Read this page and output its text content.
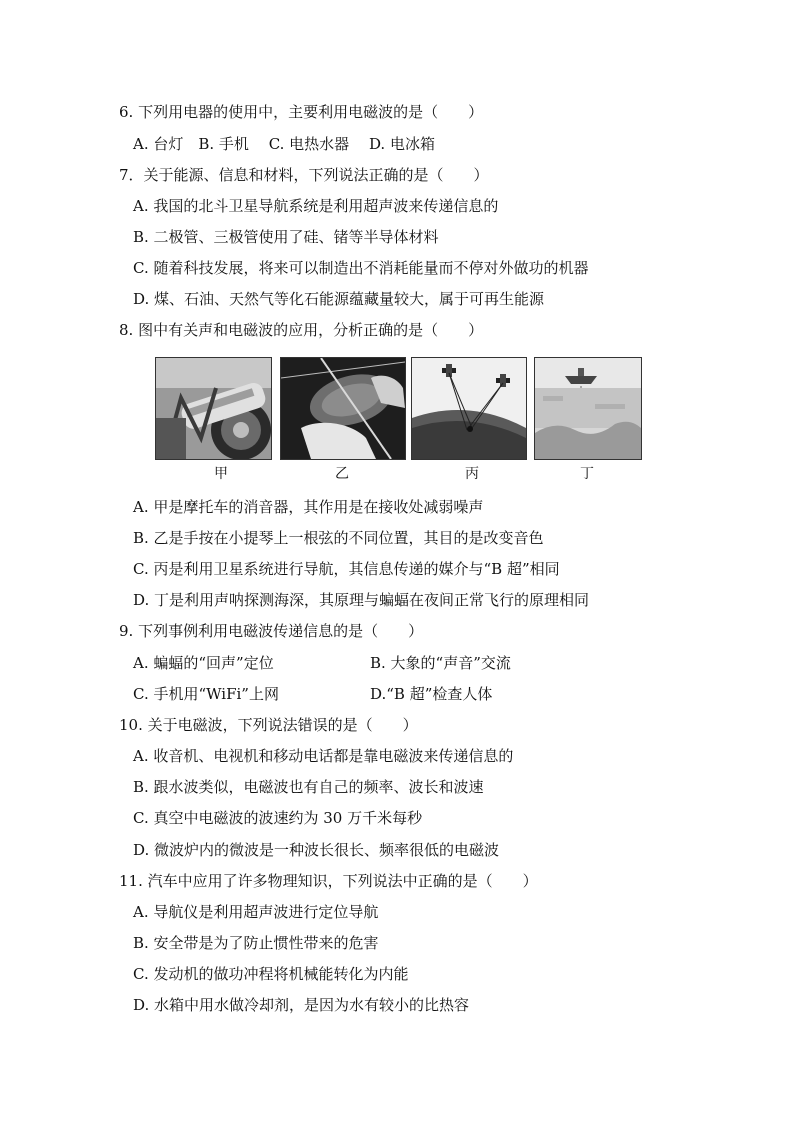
6. 下列用电器的使用中，主要利用电磁波的是（　　）
A. 台灯　B. 手机　 C. 电热水器　 D. 电冰箱
7．关于能源、信息和材料，下列说法正确的是（　　）
A. 我国的北斗卫星导航系统是利用超声波来传递信息的
B. 二极管、三极管使用了硅、锗等半导体材料
C. 随着科技发展，将来可以制造出不消耗能量而不停对外做功的机器
D. 煤、石油、天然气等化石能源蕴藏量较大，属于可再生能源
8. 图中有关声和电磁波的应用，分析正确的是（　　）
甲	乙	丙	丁
A. 甲是摩托车的消音器，其作用是在接收处减弱噪声
B. 乙是手按在小提琴上一根弦的不同位置，其目的是改变音色
C. 丙是利用卫星系统进行导航，其信息传递的媒介与“B 超”相同
D. 丁是利用声呐探测海深，其原理与蝙蝠在夜间正常飞行的原理相同
9. 下列事例利用电磁波传递信息的是（　　）
A. 蝙蝠的“回声”定位	B. 大象的“声音”交流
C. 手机用“WiFi”上网	D.“B 超”检查人体
10. 关于电磁波，下列说法错误的是（　　）
A. 收音机、电视机和移动电话都是靠电磁波来传递信息的
B. 跟水波类似，电磁波也有自己的频率、波长和波速
C. 真空中电磁波的波速约为 30 万千米每秒
D. 微波炉内的微波是一种波长很长、频率很低的电磁波
11. 汽车中应用了许多物理知识，下列说法中正确的是（　　）
A. 导航仪是利用超声波进行定位导航
B. 安全带是为了防止惯性带来的危害
C. 发动机的做功冲程将机械能转化为内能
D. 水箱中用水做冷却剂，是因为水有较小的比热容
